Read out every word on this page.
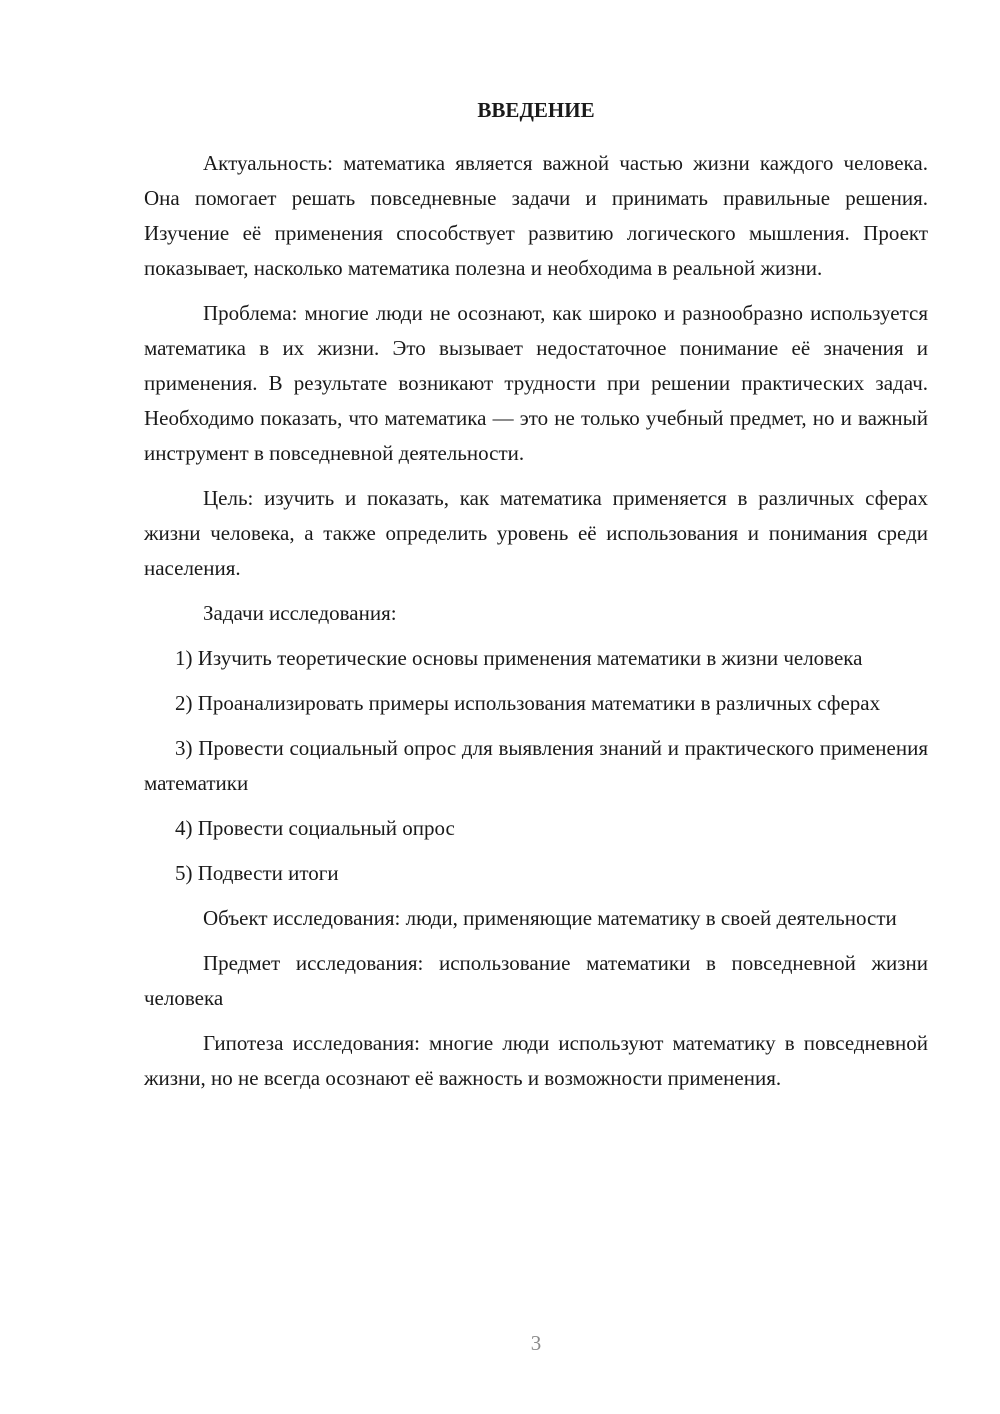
ВВЕДЕНИЕ

Актуальность: математика является важной частью жизни каждого человека. Она помогает решать повседневные задачи и принимать правильные решения. Изучение её применения способствует развитию логического мышления. Проект показывает, насколько математика полезна и необходима в реальной жизни.

Проблема: многие люди не осознают, как широко и разнообразно используется математика в их жизни. Это вызывает недостаточное понимание её значения и применения. В результате возникают трудности при решении практических задач. Необходимо показать, что математика — это не только учебный предмет, но и важный инструмент в повседневной деятельности.

Цель: изучить и показать, как математика применяется в различных сферах жизни человека, а также определить уровень её использования и понимания среди населения.

Задачи исследования:

1) Изучить теоретические основы применения математики в жизни человека

2) Проанализировать примеры использования математики в различных сферах

3) Провести социальный опрос для выявления знаний и практического применения математики

4) Провести социальный опрос

5) Подвести итоги

Объект исследования: люди, применяющие математику в своей деятельности

Предмет исследования: использование математики в повседневной жизни человека

Гипотеза исследования: многие люди используют математику в повседневной жизни, но не всегда осознают её важность и возможности применения.

3
